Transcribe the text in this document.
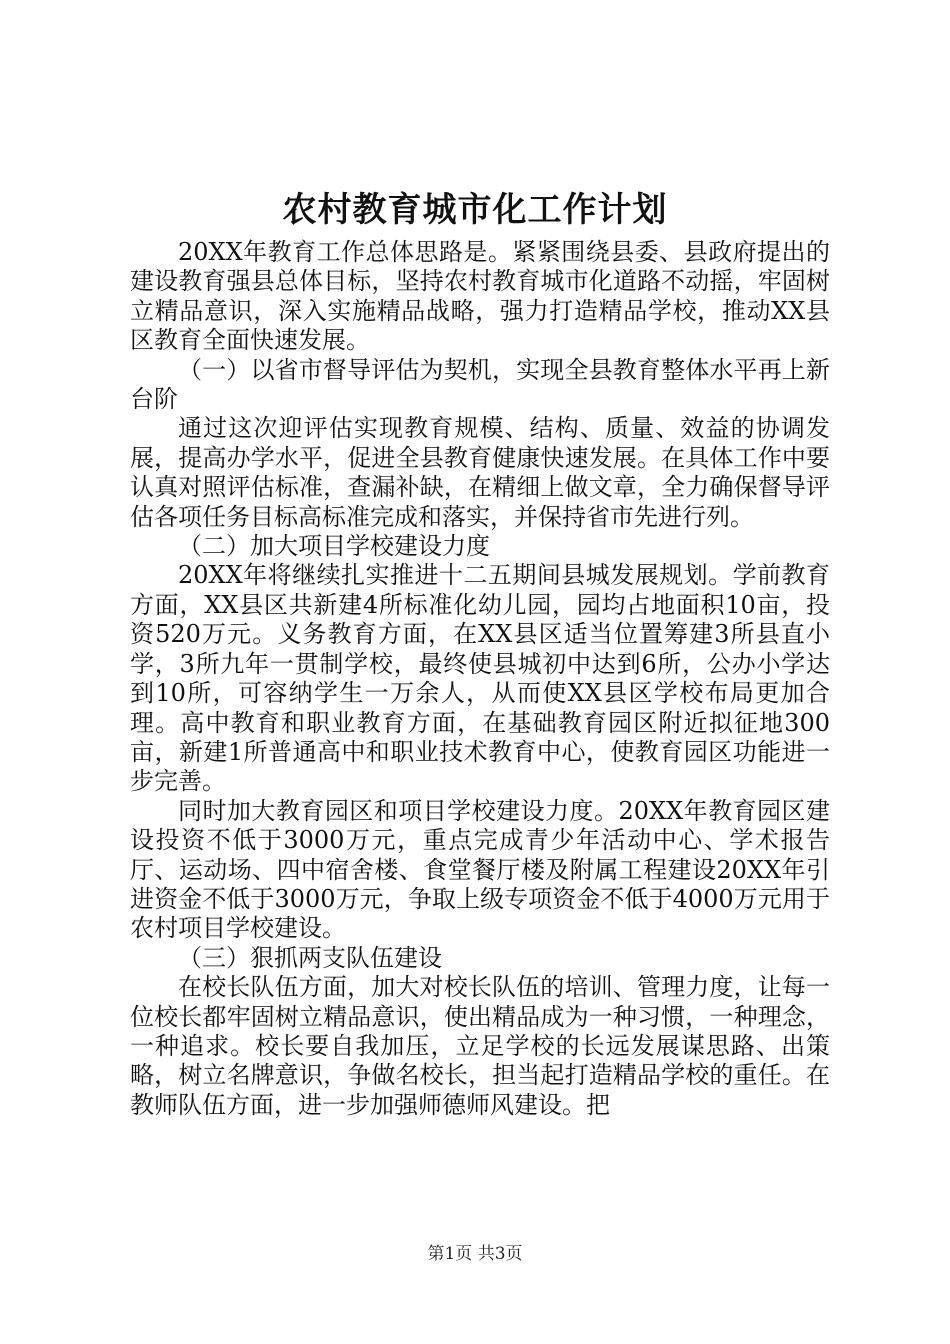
农村教育城市化工作计划

20XX年教育工作总体思路是。紧紧围绕县委、县政府提出的建设教育强县总体目标，坚持农村教育城市化道路不动摇，牢固树立精品意识，深入实施精品战略，强力打造精品学校，推动XX县区教育全面快速发展。

（一）以省市督导评估为契机，实现全县教育整体水平再上新台阶

通过这次迎评估实现教育规模、结构、质量、效益的协调发展，提高办学水平，促进全县教育健康快速发展。在具体工作中要认真对照评估标准，查漏补缺，在精细上做文章，全力确保督导评估各项任务目标高标准完成和落实，并保持省市先进行列。

（二）加大项目学校建设力度

20XX年将继续扎实推进十二五期间县城发展规划。学前教育方面，XX县区共新建4所标准化幼儿园，园均占地面积10亩，投资520万元。义务教育方面，在XX县区适当位置筹建3所县直小学，3所九年一贯制学校，最终使县城初中达到6所，公办小学达到10所，可容纳学生一万余人，从而使XX县区学校布局更加合理。高中教育和职业教育方面，在基础教育园区附近拟征地300亩，新建1所普通高中和职业技术教育中心，使教育园区功能进一步完善。

同时加大教育园区和项目学校建设力度。20XX年教育园区建设投资不低于3000万元，重点完成青少年活动中心、学术报告厅、运动场、四中宿舍楼、食堂餐厅楼及附属工程建设20XX年引进资金不低于3000万元，争取上级专项资金不低于4000万元用于农村项目学校建设。

（三）狠抓两支队伍建设

在校长队伍方面，加大对校长队伍的培训、管理力度，让每一位校长都牢固树立精品意识，使出精品成为一种习惯，一种理念，一种追求。校长要自我加压，立足学校的长远发展谋思路、出策略，树立名牌意识，争做名校长，担当起打造精品学校的重任。在教师队伍方面，进一步加强师德师风建设。把

第1页 共3页
